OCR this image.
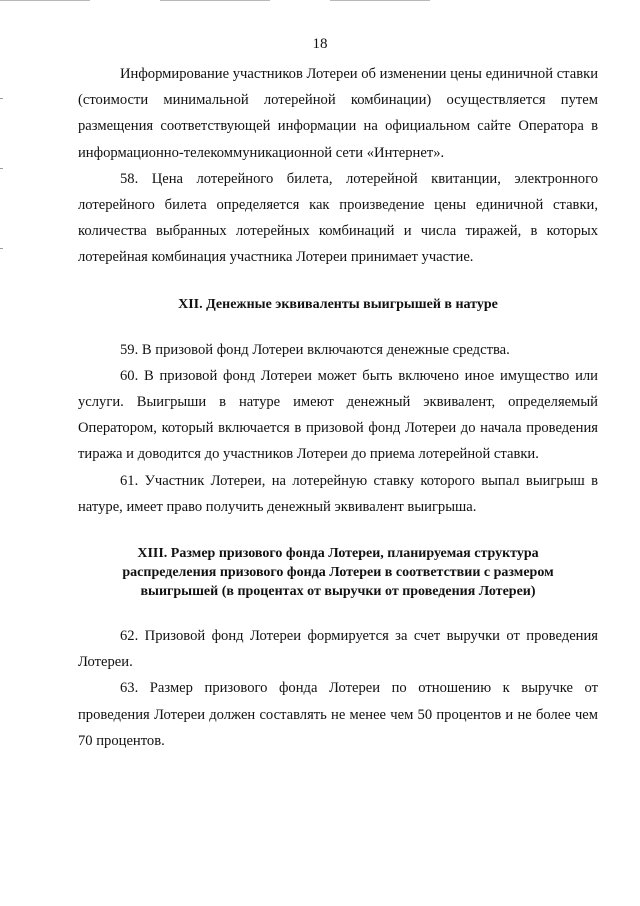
18

Информирование участников Лотереи об изменении цены единичной ставки (стоимости минимальной лотерейной комбинации) осуществляется путем размещения соответствующей информации на официальном сайте Оператора в информационно-телекоммуникационной сети «Интернет».

58. Цена лотерейного билета, лотерейной квитанции, электронного лотерейного билета определяется как произведение цены единичной ставки, количества выбранных лотерейных комбинаций и числа тиражей, в которых лотерейная комбинация участника Лотереи принимает участие.

XII. Денежные эквиваленты выигрышей в натуре

59. В призовой фонд Лотереи включаются денежные средства.

60. В призовой фонд Лотереи может быть включено иное имущество или услуги. Выигрыши в натуре имеют денежный эквивалент, определяемый Оператором, который включается в призовой фонд Лотереи до начала проведения тиража и доводится до участников Лотереи до приема лотерейной ставки.

61. Участник Лотереи, на лотерейную ставку которого выпал выигрыш в натуре, имеет право получить денежный эквивалент выигрыша.

XIII. Размер призового фонда Лотереи, планируемая структура распределения призового фонда Лотереи в соответствии с размером выигрышей (в процентах от выручки от проведения Лотереи)

62. Призовой фонд Лотереи формируется за счет выручки от проведения Лотереи.

63. Размер призового фонда Лотереи по отношению к выручке от проведения Лотереи должен составлять не менее чем 50 процентов и не более чем 70 процентов.
